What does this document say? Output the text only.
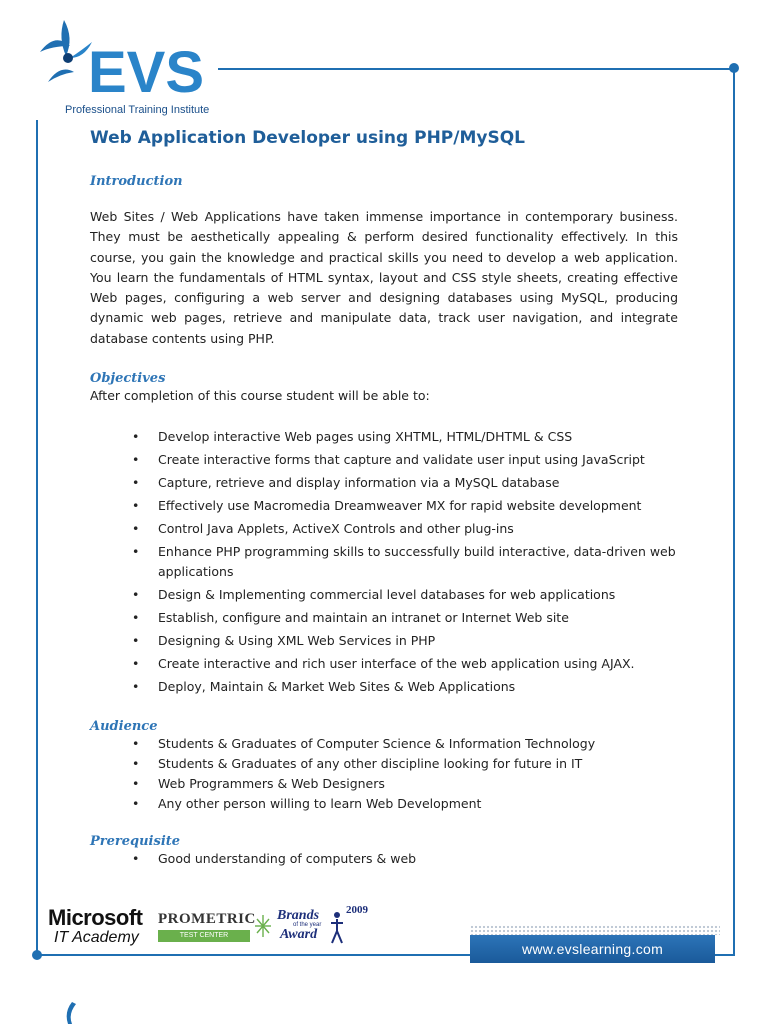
EVS
Professional Training Institute
Web Application Developer using PHP/MySQL
Introduction

Web Sites / Web Applications have taken immense importance in contemporary business. They must be aesthetically appealing & perform desired functionality effectively. In this course, you gain the knowledge and practical skills you need to develop a web application. You learn the fundamentals of HTML syntax, layout and CSS style sheets, creating effective Web pages, configuring a web server and designing databases using MySQL, producing dynamic web pages, retrieve and manipulate data, track user navigation, and integrate database contents using PHP.

Objectives

After completion of this course student will be able to:

• Develop interactive Web pages using XHTML, HTML/DHTML & CSS
• Create interactive forms that capture and validate user input using JavaScript
• Capture, retrieve and display information via a MySQL database
• Effectively use Macromedia Dreamweaver MX for rapid website development
• Control Java Applets, ActiveX Controls and other plug-ins
• Enhance PHP programming skills to successfully build interactive, data-driven web applications
• Design & Implementing commercial level databases for web applications
• Establish, configure and maintain an intranet or Internet Web site
• Designing & Using XML Web Services in PHP
• Create interactive and rich user interface of the web application using AJAX.
• Deploy, Maintain & Market Web Sites & Web Applications
Audience
• Students & Graduates of Computer Science & Information Technology
• Students & Graduates of any other discipline looking for future in IT
• Web Programmers & Web Designers
• Any other person willing to learn Web Development
Prerequisite
• Good understanding of computers & web
Microsoft
IT Academy
PROMETRIC
TEST CENTER
Brands
of the year
Award
2009
www.evslearning.com
